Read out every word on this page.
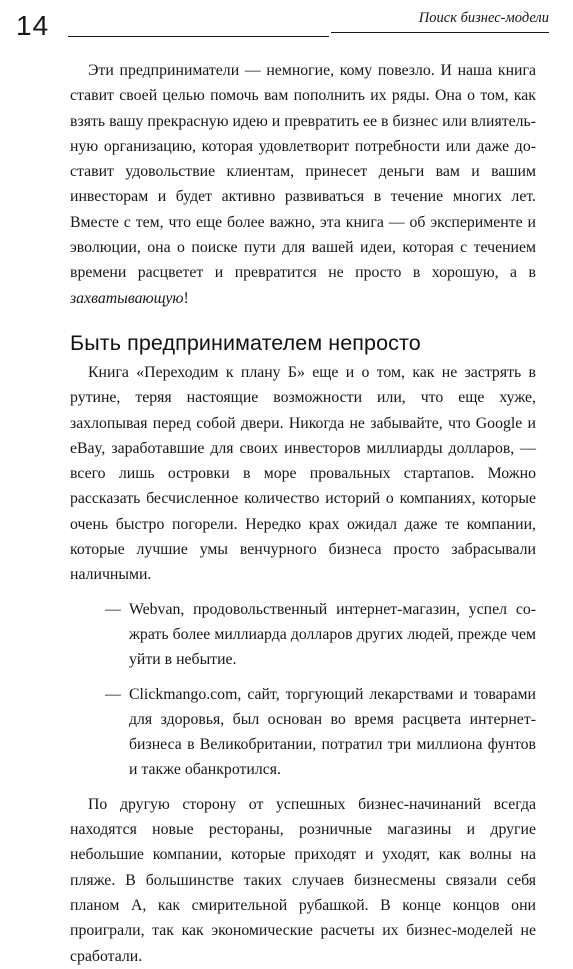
14	Поиск бизнес-модели

Эти предприниматели — немногие, кому повезло. И наша книга ставит своей целью помочь вам пополнить их ряды. Она о том, как взять вашу прекрасную идею и превратить ее в бизнес или влиятельную организацию, которая удовлетворит потребности или даже доставит удовольствие клиентам, принесет деньги вам и вашим инвесторам и будет активно развиваться в течение многих лет. Вместе с тем, что еще более важно, эта книга — об эксперименте и эволюции, она о поиске пути для вашей идеи, которая с течением времени расцветет и превратится не просто в хорошую, а в захватывающую!

Быть предпринимателем непросто

Книга «Переходим к плану Б» еще и о том, как не застрять в рутине, теряя настоящие возможности или, что еще хуже, захлопывая перед собой двери. Никогда не забывайте, что Google и eBay, заработавшие для своих инвесторов миллиарды долларов, — всего лишь островки в море провальных стартапов. Можно рассказать бесчисленное количество историй о компаниях, которые очень быстро погорели. Нередко крах ожидал даже те компании, которые лучшие умы венчурного бизнеса просто забрасывали наличными.

— Webvan, продовольственный интернет-магазин, успел сожрать более миллиарда долларов других людей, прежде чем уйти в небытие.

— Clickmango.com, сайт, торгующий лекарствами и товарами для здоровья, был основан во время расцвета интернет-бизнеса в Великобритании, потратил три миллиона фунтов и также обанкротился.

По другую сторону от успешных бизнес-начинаний всегда находятся новые рестораны, розничные магазины и другие небольшие компании, которые приходят и уходят, как волны на пляже. В большинстве таких случаев бизнесмены связали себя планом А, как смирительной рубашкой. В конце концов они проиграли, так как экономические расчеты их бизнес-моделей не сработали.
